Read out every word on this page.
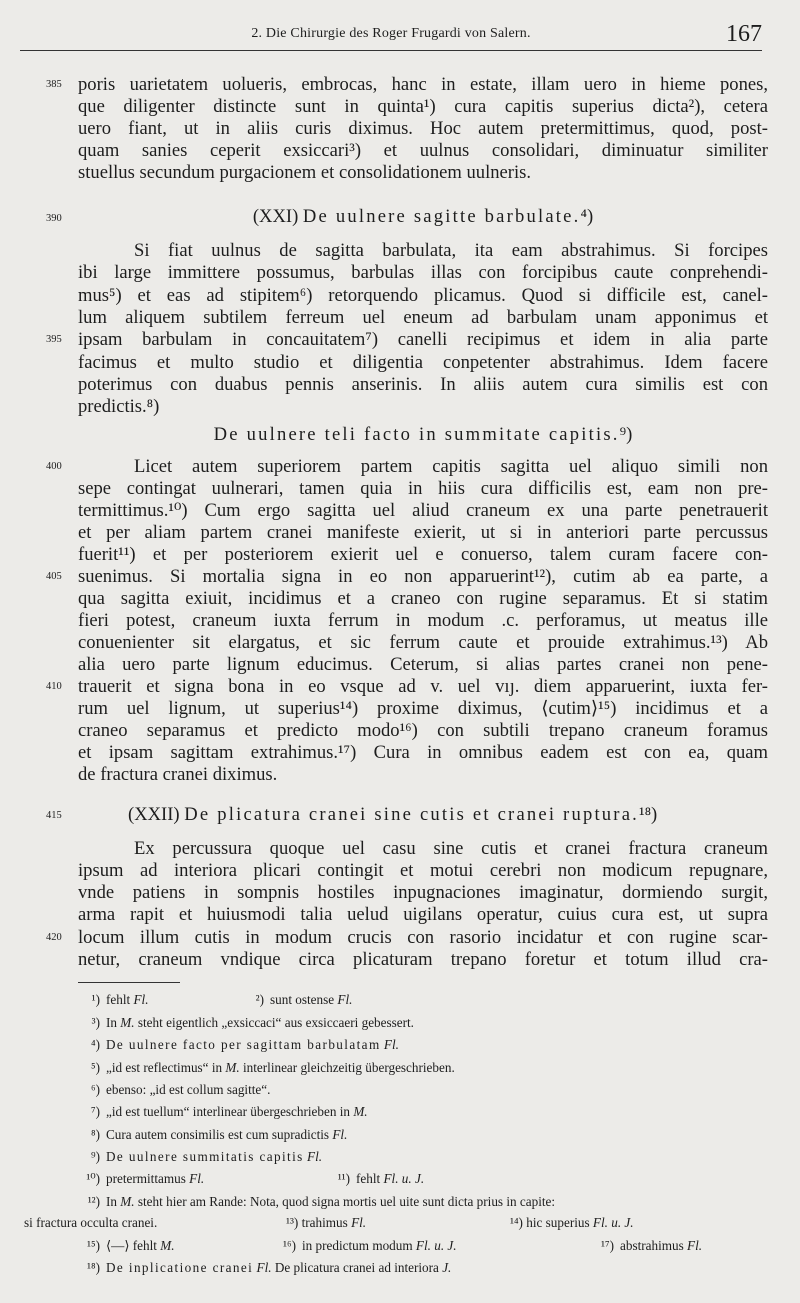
2. Die Chirurgie des Roger Frugardi von Salern.	167
385
390
395
400
405
410
415
420
poris uarietatem uolueris, embrocas, hanc in estate, illam uero in hieme pones,
que diligenter distincte sunt in quinta¹) cura capitis superius dicta²), cetera
uero fiant, ut in aliis curis diximus. Hoc autem pretermittimus, quod, post-
quam sanies ceperit exsiccari³) et uulnus consolidari, diminuatur similiter
stuellus secundum purgacionem et consolidationem uulneris.
(XXI) De uulnere sagitte barbulate.⁴)
Si fiat uulnus de sagitta barbulata, ita eam abstrahimus. Si forcipes
ibi large immittere possumus, barbulas illas con forcipibus caute conprehendi-
mus⁵) et eas ad stipitem⁶) retorquendo plicamus. Quod si difficile est, canel-
lum aliquem subtilem ferreum uel eneum ad barbulam unam apponimus et
ipsam barbulam in concauitatem⁷) canelli recipimus et idem in alia parte
facimus et multo studio et diligentia conpetenter abstrahimus. Idem facere
poterimus con duabus pennis anserinis. In aliis autem cura similis est con
predictis.⁸)
De uulnere teli facto in summitate capitis.⁹)
Licet autem superiorem partem capitis sagitta uel aliquo simili non
sepe contingat uulnerari, tamen quia in hiis cura difficilis est, eam non pre-
termittimus.¹⁰) Cum ergo sagitta uel aliud craneum ex una parte penetrauerit
et per aliam partem cranei manifeste exierit, ut si in anteriori parte percussus
fuerit¹¹) et per posteriorem exierit uel e conuerso, talem curam facere con-
suenimus. Si mortalia signa in eo non apparuerint¹²), cutim ab ea parte, a
qua sagitta exiuit, incidimus et a craneo con rugine separamus. Et si statim
fieri potest, craneum iuxta ferrum in modum .c. perforamus, ut meatus ille
conuenienter sit elargatus, et sic ferrum caute et prouide extrahimus.¹³) Ab
alia uero parte lignum educimus. Ceterum, si alias partes cranei non pene-
trauerit et signa bona in eo vsque ad v. uel vıȷ. diem apparuerint, iuxta fer-
rum uel lignum, ut superius¹⁴) proxime diximus, ⟨cutim⟩¹⁵) incidimus et a
craneo separamus et predicto modo¹⁶) con subtili trepano craneum foramus
et ipsam sagittam extrahimus.¹⁷) Cura in omnibus eadem est con ea, quam
de fractura cranei diximus.
(XXII) De plicatura cranei sine cutis et cranei ruptura.¹⁸)
Ex percussura quoque uel casu sine cutis et cranei fractura craneum
ipsum ad interiora plicari contingit et motui cerebri non modicum repugnare,
vnde patiens in sompnis hostiles inpugnaciones imaginatur, dormiendo surgit,
arma rapit et huiusmodi talia uelud uigilans operatur, cuius cura est, ut supra
locum illum cutis in modum crucis con rasorio incidatur et con rugine scar-
netur, craneum vndique circa plicaturam trepano foretur et totum illud cra-
¹) fehlt Fl.	²) sunt ostense Fl.
³) In M. steht eigentlich „exsiccaci“ aus exsiccaeri gebessert.
⁴) De uulnere facto per sagittam barbulatam Fl.
⁵) „id est reflectimus“ in M. interlinear gleichzeitig übergeschrieben.
⁶) ebenso: „id est collum sagitte“.
⁷) „id est tuellum“ interlinear übergeschrieben in M.
⁸) Cura autem consimilis est cum supradictis Fl.
⁹) De uulnere summitatis capitis Fl.
¹⁰) pretermittamus Fl.	¹¹) fehlt Fl. u. J.
¹²) In M. steht hier am Rande: Nota, quod signa mortis uel uite sunt dicta prius in capite:
si fractura occulta cranei.	¹³) trahimus Fl.	¹⁴) hic superius Fl. u. J.
¹⁵) ⟨—⟩ fehlt M.	¹⁶) in predictum modum Fl. u. J.	¹⁷) abstrahimus Fl.
¹⁸) De inplicatione cranei Fl. De plicatura cranei ad interiora J.
